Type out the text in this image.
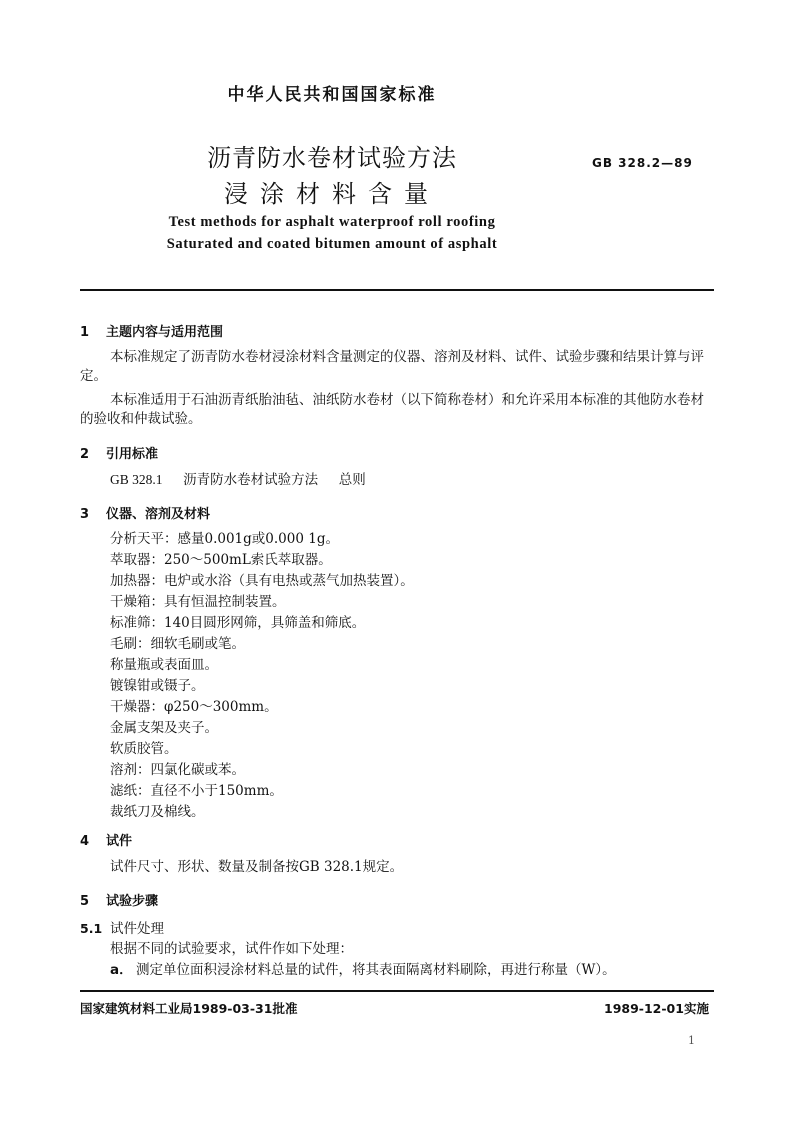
中华人民共和国国家标准
沥青防水卷材试验方法
浸涂材料含量
GB 328.2—89
Test methods for asphalt waterproof roll roofing
Saturated and coated bitumen amount of asphalt
1 主题内容与适用范围
本标准规定了沥青防水卷材浸涂材料含量测定的仪器、溶剂及材料、试件、试验步骤和结果计算与评定。
本标准适用于石油沥青纸胎油毡、油纸防水卷材（以下简称卷材）和允许采用本标准的其他防水卷材的验收和仲裁试验。
2 引用标准
GB 328.1 沥青防水卷材试验方法 总则
3 仪器、溶剂及材料
分析天平：感量0.001g或0.000 1g。
萃取器：250～500mL索氏萃取器。
加热器：电炉或水浴（具有电热或蒸气加热装置）。
干燥箱：具有恒温控制装置。
标准筛：140目圆形网筛，具筛盖和筛底。
毛刷：细软毛刷或笔。
称量瓶或表面皿。
镀镍钳或镊子。
干燥器：φ250～300mm。
金属支架及夹子。
软质胶管。
溶剂：四氯化碳或苯。
滤纸：直径不小于150mm。
裁纸刀及棉线。
4 试件
试件尺寸、形状、数量及制备按GB 328.1规定。
5 试验步骤
5.1 试件处理
根据不同的试验要求，试件作如下处理：
a． 测定单位面积浸涂材料总量的试件，将其表面隔离材料刷除，再进行称量（W）。
国家建筑材料工业局1989-03-31批准	1989-12-01实施
1
